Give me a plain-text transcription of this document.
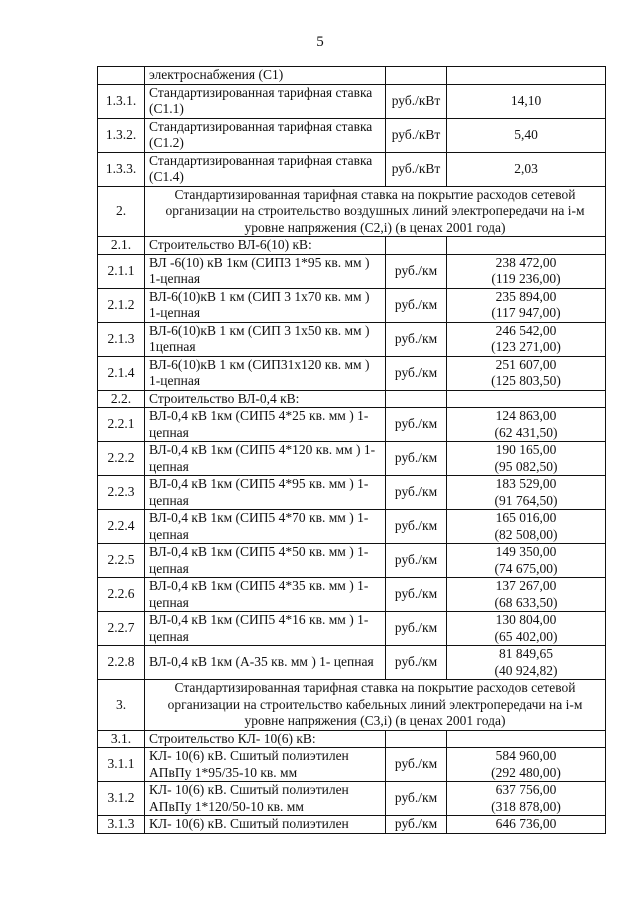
5
	электроснабжения (С1)		

1.3.1.	Стандартизированная тарифная ставка (С1.1)	руб./кВт	14,10

1.3.2.	Стандартизированная тарифная ставка (С1.2)	руб./кВт	5,40

1.3.3.	Стандартизированная тарифная ставка (С1.4)	руб./кВт	2,03

2.	Стандартизированная тарифная ставка на покрытие расходов сетевой организации на строительство воздушных линий электропередачи на i-м уровне напряжения (С2,i) (в ценах 2001 года)		
2.1.	Строительство ВЛ-6(10) кВ:		

2.1.1	ВЛ -6(10) кВ 1км (СИП3 1*95 кв. мм ) 1-цепная	руб./км	238 472,00
(119 236,00)

2.1.2	ВЛ-6(10)кВ 1 км (СИП 3 1х70 кв. мм ) 1-цепная	руб./км	235 894,00
(117 947,00)

2.1.3	ВЛ-6(10)кВ 1 км (СИП 3 1х50 кв. мм ) 1цепная	руб./км	246 542,00
(123 271,00)

2.1.4	ВЛ-6(10)кВ 1 км (СИП31х120 кв. мм ) 1-цепная	руб./км	251 607,00
(125 803,50)

2.2.	Строительство ВЛ-0,4 кВ:		

2.2.1	ВЛ-0,4 кВ 1км (СИП5 4*25 кв. мм ) 1- цепная	руб./км	124 863,00
(62 431,50)

2.2.2	ВЛ-0,4 кВ 1км (СИП5 4*120 кв. мм ) 1- цепная	руб./км	190 165,00
(95 082,50)

2.2.3	ВЛ-0,4 кВ 1км (СИП5 4*95 кв. мм ) 1- цепная	руб./км	183 529,00
(91 764,50)

2.2.4	ВЛ-0,4 кВ 1км (СИП5 4*70 кв. мм ) 1- цепная	руб./км	165 016,00
(82 508,00)

2.2.5	ВЛ-0,4 кВ 1км (СИП5 4*50 кв. мм ) 1- цепная	руб./км	149 350,00
(74 675,00)

2.2.6	ВЛ-0,4 кВ 1км (СИП5 4*35 кв. мм ) 1- цепная	руб./км	137 267,00
(68 633,50)

2.2.7	ВЛ-0,4 кВ 1км (СИП5 4*16 кв. мм ) 1- цепная	руб./км	130 804,00
(65 402,00)

2.2.8	ВЛ-0,4 кВ 1км (А-35 кв. мм ) 1- цепная	руб./км	81 849,65
(40 924,82)

3.	Стандартизированная тарифная ставка на покрытие расходов сетевой организации на строительство кабельных линий электропередачи на i-м уровне напряжения (С3,i) (в ценах 2001 года)		
3.1.	Строительство КЛ- 10(6) кВ:		

3.1.1	КЛ- 10(6) кВ. Сшитый полиэтилен АПвПу 1*95/35-10 кв. мм	руб./км	584 960,00
(292 480,00)

3.1.2	КЛ- 10(6) кВ. Сшитый полиэтилен АПвПу 1*120/50-10 кв. мм	руб./км	637 756,00
(318 878,00)

3.1.3	КЛ- 10(6) кВ. Сшитый полиэтилен	руб./км	646 736,00
